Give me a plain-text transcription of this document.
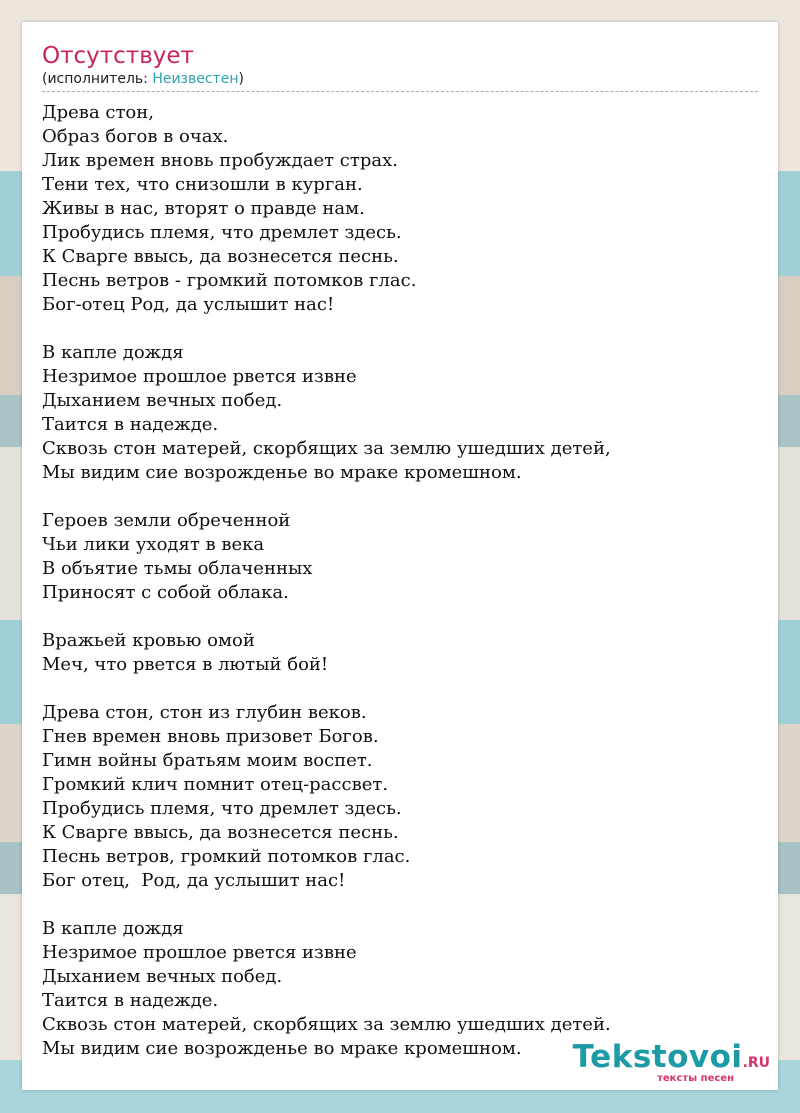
Отсутствует
(исполнитель: Неизвестен)
Древа стон,
Образ богов в очах.
Лик времен вновь пробуждает страх.
Тени тех, что снизошли в курган.
Живы в нас, вторят о правде нам.
Пробудись племя, что дремлет здесь.
К Сварге ввысь, да вознесется песнь.
Песнь ветров - громкий потомков глас.
Бог-отец Род, да услышит нас!
В капле дождя
Незримое прошлое рвется извне
Дыханием вечных побед.
Таится в надежде.
Сквозь стон матерей, скорбящих за землю ушедших детей,
Мы видим сие возрожденье во мраке кромешном.
Героев земли обреченной
Чьи лики уходят в века
В объятие тьмы облаченных
Приносят с собой облака.
Вражьей кровью омой
Меч, что рвется в лютый бой!
Древа стон, стон из глубин веков.
Гнев времен вновь призовет Богов.
Гимн войны братьям моим воспет.
Громкий клич помнит отец-рассвет.
Пробудись племя, что дремлет здесь.
К Сварге ввысь, да вознесется песнь.
Песнь ветров, громкий потомков глас.
Бог отец,  Род, да услышит нас!
В капле дождя
Незримое прошлое рвется извне
Дыханием вечных побед.
Таится в надежде.
Сквозь стон матерей, скорбящих за землю ушедших детей.
Мы видим сие возрожденье во мраке кромешном.	Tekstovoi.RU
тексты песен
